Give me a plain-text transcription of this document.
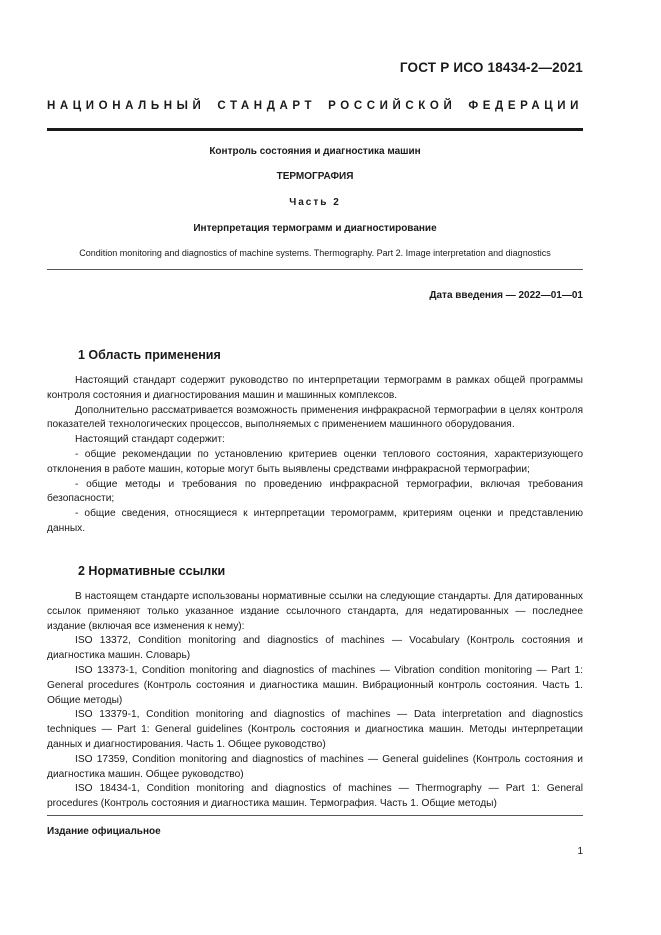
ГОСТ Р ИСО 18434-2—2021
НАЦИОНАЛЬНЫЙ СТАНДАРТ РОССИЙСКОЙ ФЕДЕРАЦИИ
Контроль состояния и диагностика машин
ТЕРМОГРАФИЯ
Часть 2
Интерпретация термограмм и диагностирование
Condition monitoring and diagnostics of machine systems. Thermography. Part 2. Image interpretation and diagnostics
Дата введения — 2022—01—01
1 Область применения

Настоящий стандарт содержит руководство по интерпретации термограмм в рамках общей программы контроля состояния и диагностирования машин и машинных комплексов.

Дополнительно рассматривается возможность применения инфракрасной термографии в целях контроля показателей технологических процессов, выполняемых с применением машинного оборудования.

Настоящий стандарт содержит:

- общие рекомендации по установлению критериев оценки теплового состояния, характеризующего отклонения в работе машин, которые могут быть выявлены средствами инфракрасной термографии;

- общие методы и требования по проведению инфракрасной термографии, включая требования безопасности;

- общие сведения, относящиеся к интерпретации теромограмм, критериям оценки и представлению данных.

2 Нормативные ссылки

В настоящем стандарте использованы нормативные ссылки на следующие стандарты. Для датированных ссылок применяют только указанное издание ссылочного стандарта, для недатированных — последнее издание (включая все изменения к нему):

ISO 13372, Condition monitoring and diagnostics of machines — Vocabulary (Контроль состояния и диагностика машин. Словарь)

ISO 13373-1, Condition monitoring and diagnostics of machines — Vibration condition monitoring — Part 1: General procedures (Контроль состояния и диагностика машин. Вибрационный контроль состояния. Часть 1. Общие методы)

ISO 13379-1, Condition monitoring and diagnostics of machines — Data interpretation and diagnostics techniques — Part 1: General guidelines (Контроль состояния и диагностика машин. Методы интерпретации данных и диагностирования. Часть 1. Общее руководство)

ISO 17359, Condition monitoring and diagnostics of machines — General guidelines (Контроль состояния и диагностика машин. Общее руководство)

ISO 18434-1, Condition monitoring and diagnostics of machines — Thermography — Part 1: General procedures (Контроль состояния и диагностика машин. Термография. Часть 1. Общие методы)

Издание официальное
1
